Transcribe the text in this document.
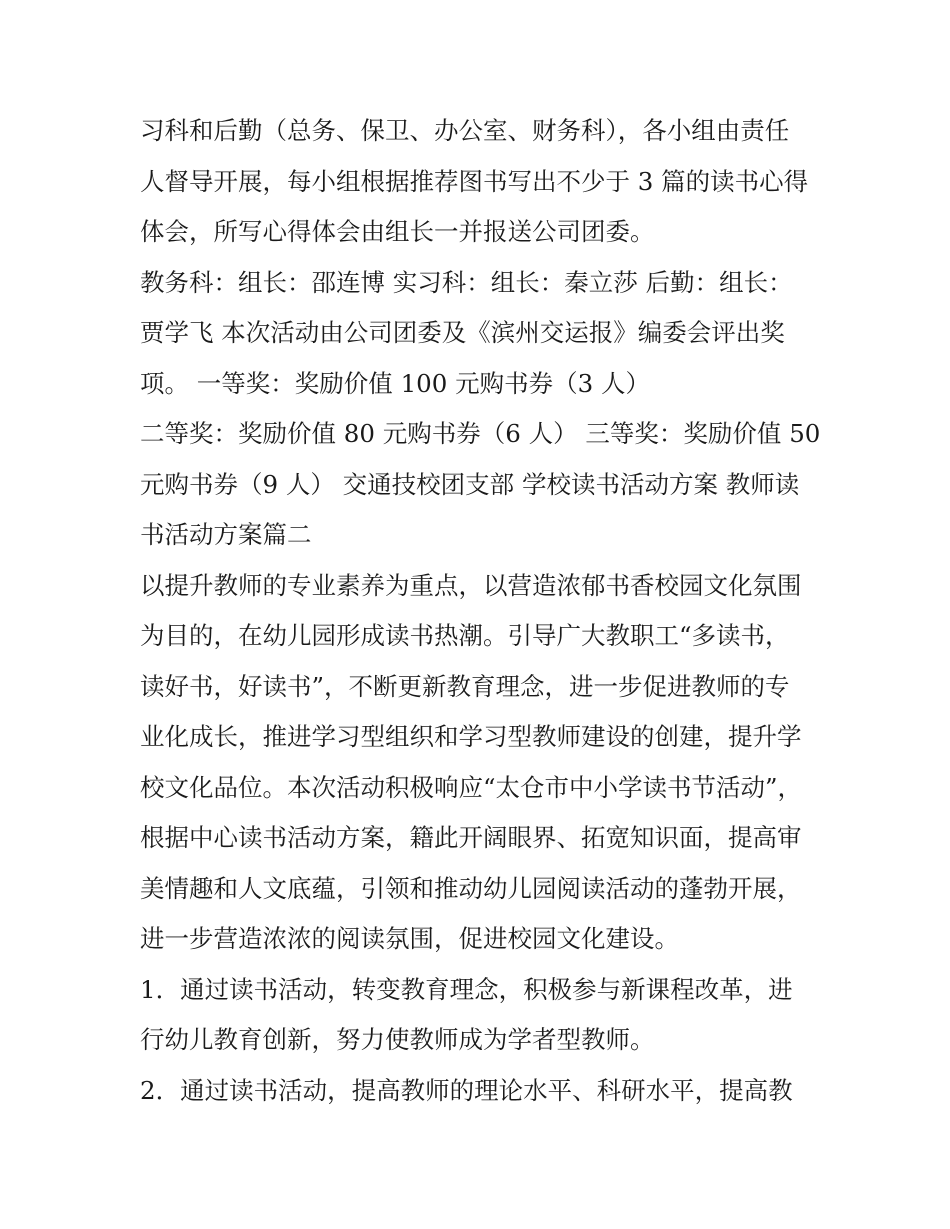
习科和后勤（总务、保卫、办公室、财务科），各小组由责任
人督导开展，每小组根据推荐图书写出不少于 3 篇的读书心得
体会，所写心得体会由组长一并报送公司团委。

教务科：组长：邵连博 实习科：组长：秦立莎 后勤：组长：
贾学飞 本次活动由公司团委及《滨州交运报》编委会评出奖
项。 一等奖：奖励价值 100 元购书券（3 人）

二等奖：奖励价值 80 元购书券（6 人） 三等奖：奖励价值 50
元购书券（9 人） 交通技校团支部 学校读书活动方案 教师读
书活动方案篇二

以提升教师的专业素养为重点，以营造浓郁书香校园文化氛围
为目的，在幼儿园形成读书热潮。引导广大教职工“多读书，
读好书，好读书”，不断更新教育理念，进一步促进教师的专
业化成长，推进学习型组织和学习型教师建设的创建，提升学
校文化品位。本次活动积极响应“太仓市中小学读书节活动”，
根据中心读书活动方案，籍此开阔眼界、拓宽知识面，提高审
美情趣和人文底蕴，引领和推动幼儿园阅读活动的蓬勃开展，
进一步营造浓浓的阅读氛围，促进校园文化建设。

1．通过读书活动，转变教育理念，积极参与新课程改革，进
行幼儿教育创新，努力使教师成为学者型教师。

2．通过读书活动，提高教师的理论水平、科研水平，提高教
